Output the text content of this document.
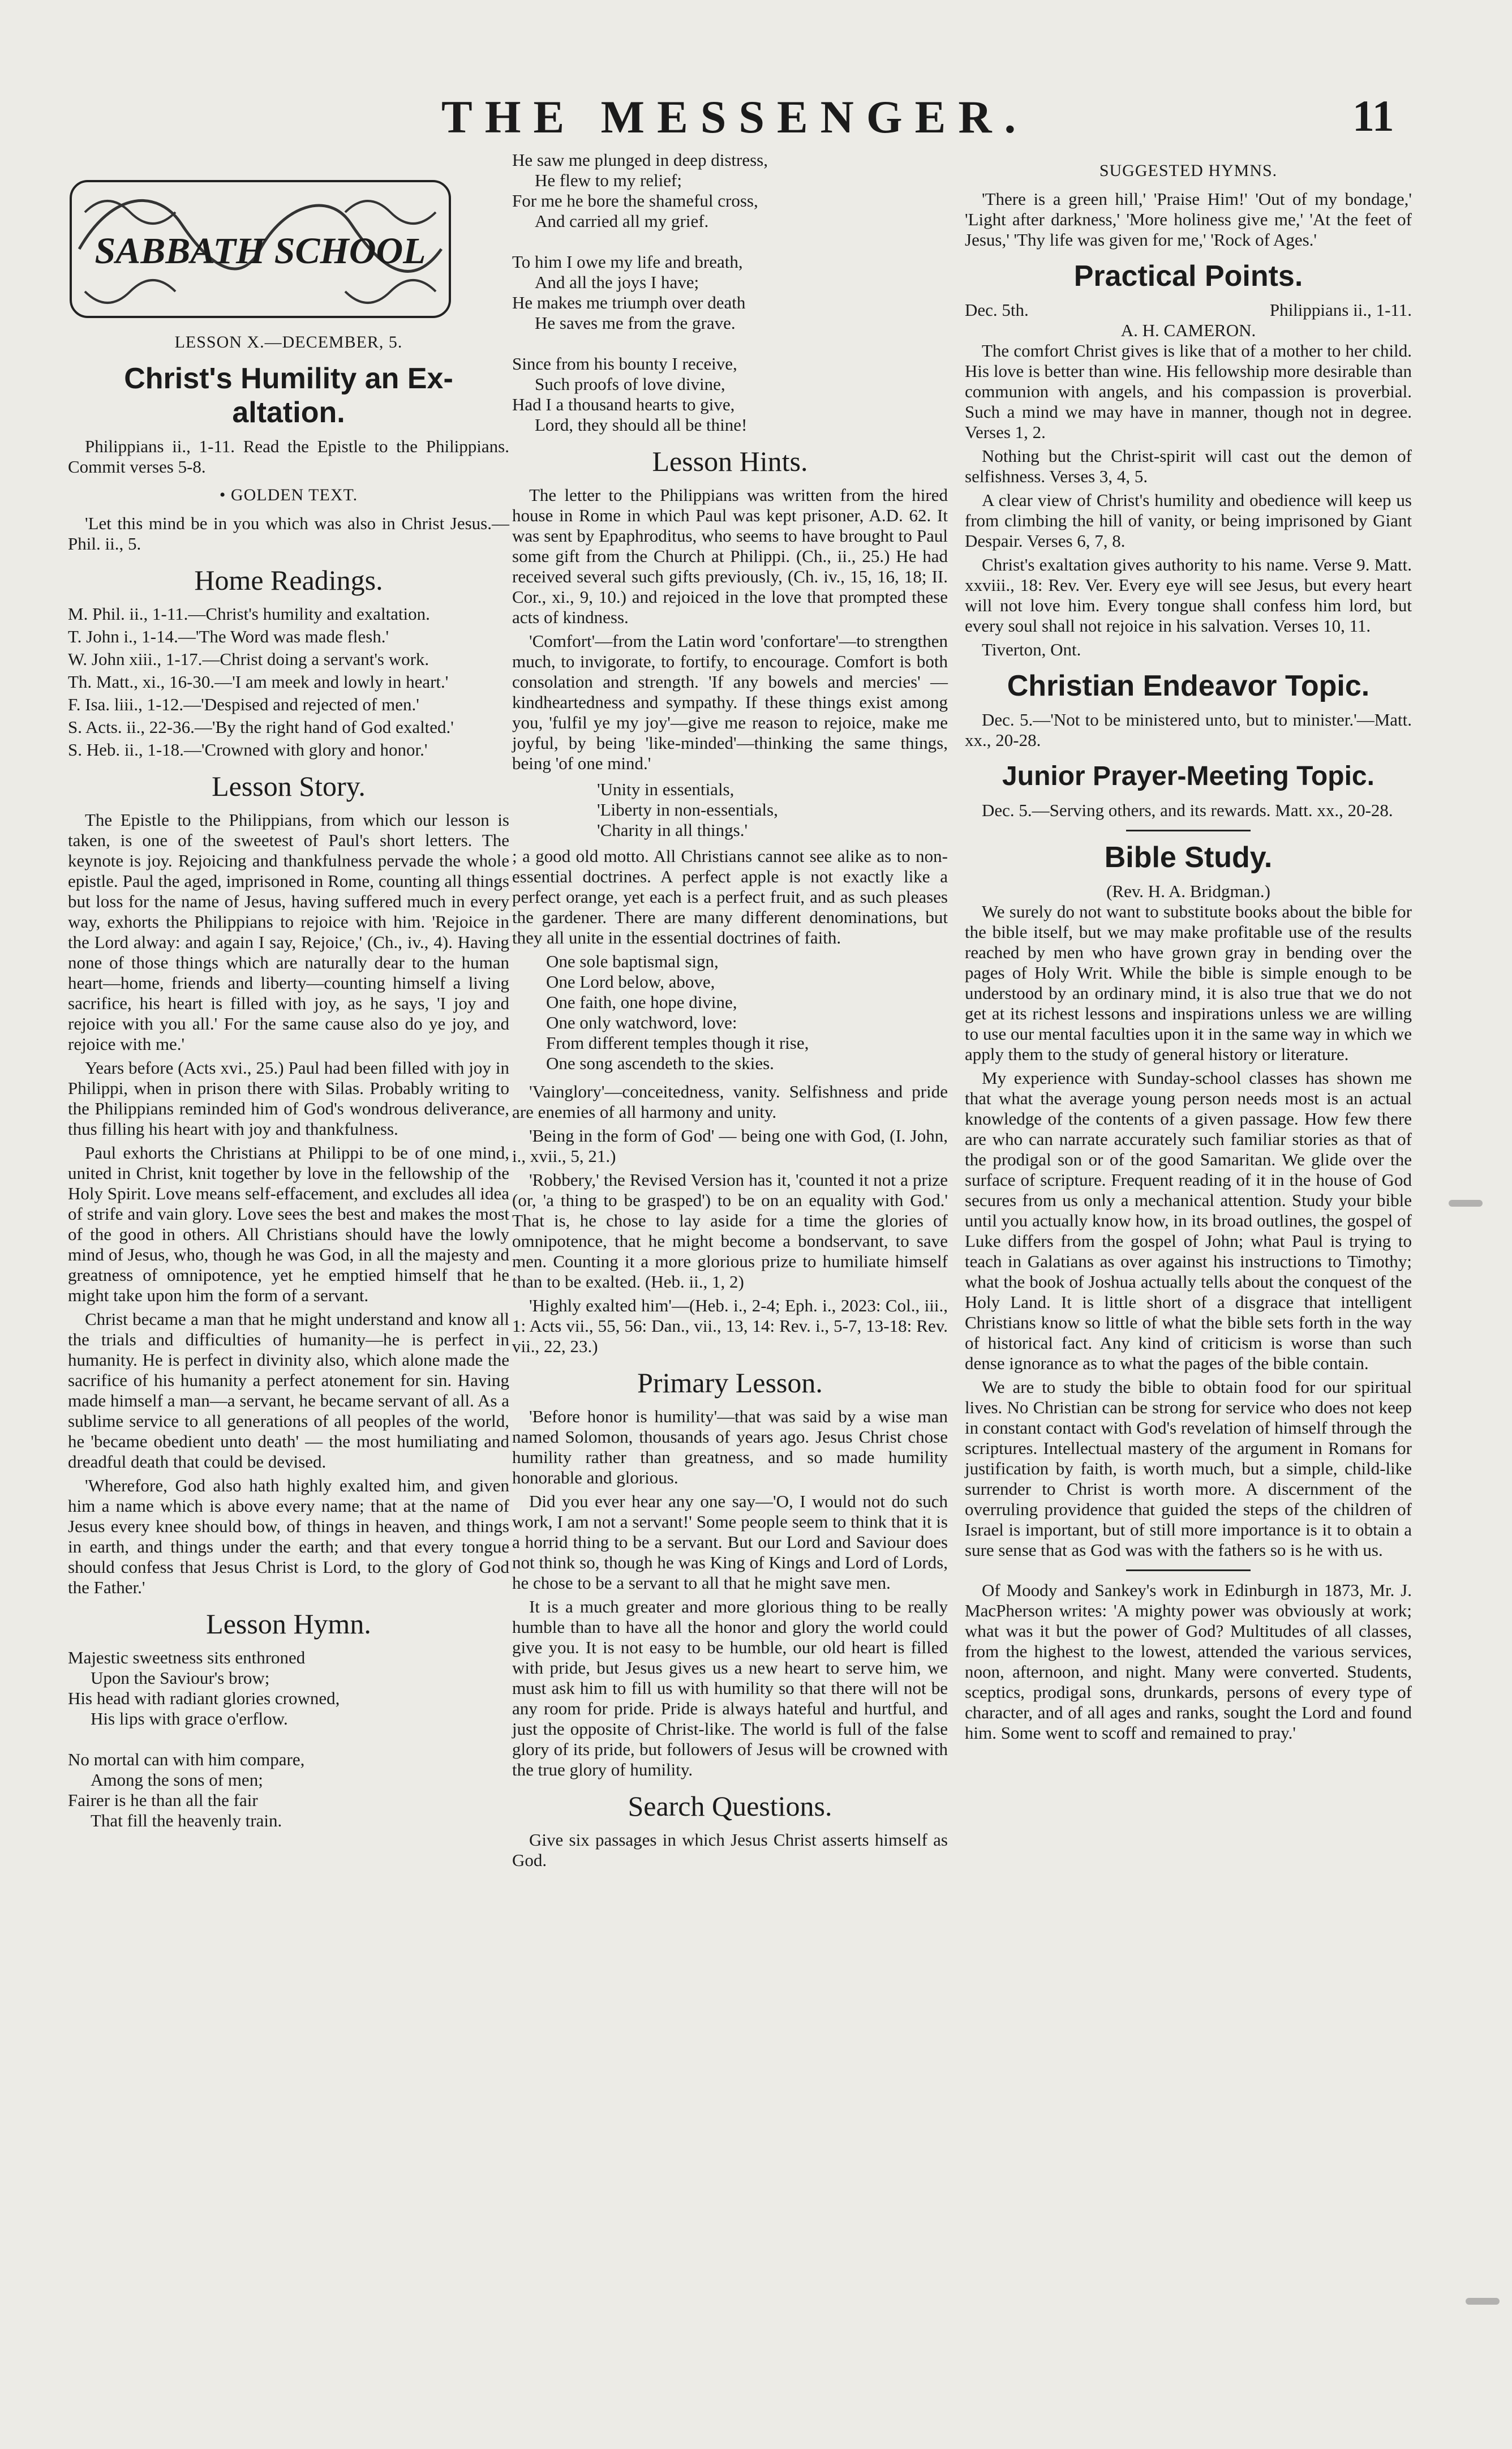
THE MESSENGER.	11
SABBATH SCHOOL
LESSON X.—DECEMBER, 5.
Christ's Humility an Ex-altation.

Philippians ii., 1-11. Read the Epistle to the Philippians. Commit verses 5-8.

• GOLDEN TEXT.

'Let this mind be in you which was also in Christ Jesus.—Phil. ii., 5.

Home Readings.
M. Phil. ii., 1-11.—Christ's humility and exaltation.
T. John i., 1-14.—'The Word was made flesh.'
W. John xiii., 1-17.—Christ doing a servant's work.
Th. Matt., xi., 16-30.—'I am meek and lowly in heart.'
F. Isa. liii., 1-12.—'Despised and rejected of men.'
S. Acts. ii., 22-36.—'By the right hand of God exalted.'
S. Heb. ii., 1-18.—'Crowned with glory and honor.'
Lesson Story.

The Epistle to the Philippians, from which our lesson is taken, is one of the sweetest of Paul's short letters. The keynote is joy. Rejoicing and thankfulness pervade the whole epistle. Paul the aged, imprisoned in Rome, counting all things but loss for the name of Jesus, having suffered much in every way, exhorts the Philippians to rejoice with him. 'Rejoice in the Lord alway: and again I say, Rejoice,' (Ch., iv., 4). Having none of those things which are naturally dear to the human heart—home, friends and liberty—counting himself a living sacrifice, his heart is filled with joy, as he says, 'I joy and rejoice with you all.' For the same cause also do ye joy, and rejoice with me.'

Years before (Acts xvi., 25.) Paul had been filled with joy in Philippi, when in prison there with Silas. Probably writing to the Philippians reminded him of God's wondrous deliverance, thus filling his heart with joy and thankfulness.

Paul exhorts the Christians at Philippi to be of one mind, united in Christ, knit together by love in the fellowship of the Holy Spirit. Love means self-effacement, and excludes all idea of strife and vain glory. Love sees the best and makes the most of the good in others. All Christians should have the lowly mind of Jesus, who, though he was God, in all the majesty and greatness of omnipotence, yet he emptied himself that he might take upon him the form of a servant.

Christ became a man that he might understand and know all the trials and difficulties of humanity—he is perfect in humanity. He is perfect in divinity also, which alone made the sacrifice of his humanity a perfect atonement for sin. Having made himself a man—a servant, he became servant of all. As a sublime service to all generations of all peoples of the world, he 'became obedient unto death' — the most humiliating and dreadful death that could be devised.

'Wherefore, God also hath highly exalted him, and given him a name which is above every name; that at the name of Jesus every knee should bow, of things in heaven, and things in earth, and things under the earth; and that every tongue should confess that Jesus Christ is Lord, to the glory of God the Father.'

Lesson Hymn.
Majestic sweetness sits enthroned
Upon the Saviour's brow;
His head with radiant glories crowned,
His lips with grace o'erflow.

No mortal can with him compare,
Among the sons of men;
Fairer is he than all the fair
That fill the heavenly train.
He saw me plunged in deep distress,
He flew to my relief;
For me he bore the shameful cross,
And carried all my grief.

To him I owe my life and breath,
And all the joys I have;
He makes me triumph over death
He saves me from the grave.

Since from his bounty I receive,
Such proofs of love divine,
Had I a thousand hearts to give,
Lord, they should all be thine!
Lesson Hints.

The letter to the Philippians was written from the hired house in Rome in which Paul was kept prisoner, A.D. 62. It was sent by Epaphroditus, who seems to have brought to Paul some gift from the Church at Philippi. (Ch., ii., 25.) He had received several such gifts previously, (Ch. iv., 15, 16, 18; II. Cor., xi., 9, 10.) and rejoiced in the love that prompted these acts of kindness.

'Comfort'—from the Latin word 'confortare'—to strengthen much, to invigorate, to fortify, to encourage. Comfort is both consolation and strength. 'If any bowels and mercies' — kindheartedness and sympathy. If these things exist among you, 'fulfil ye my joy'—give me reason to rejoice, make me joyful, by being 'like-minded'—thinking the same things, being 'of one mind.'

'Unity in essentials,
'Liberty in non-essentials,
'Charity in all things.'

; a good old motto. All Christians cannot see alike as to non-essential doctrines. A perfect apple is not exactly like a perfect orange, yet each is a perfect fruit, and as such pleases the gardener. There are many different denominations, but they all unite in the essential doctrines of faith.

One sole baptismal sign,
One Lord below, above,
One faith, one hope divine,
One only watchword, love:
From different temples though it rise,
One song ascendeth to the skies.

'Vainglory'—conceitedness, vanity. Selfishness and pride are enemies of all harmony and unity.

'Being in the form of God' — being one with God, (I. John, i., xvii., 5, 21.)

'Robbery,' the Revised Version has it, 'counted it not a prize (or, 'a thing to be grasped') to be on an equality with God.' That is, he chose to lay aside for a time the glories of omnipotence, that he might become a bondservant, to save men. Counting it a more glorious prize to humiliate himself than to be exalted. (Heb. ii., 1, 2)

'Highly exalted him'—(Heb. i., 2-4; Eph. i., 2023: Col., iii., 1: Acts vii., 55, 56: Dan., vii., 13, 14: Rev. i., 5-7, 13-18: Rev. vii., 22, 23.)

Primary Lesson.

'Before honor is humility'—that was said by a wise man named Solomon, thousands of years ago. Jesus Christ chose humility rather than greatness, and so made humility honorable and glorious.

Did you ever hear any one say—'O, I would not do such work, I am not a servant!' Some people seem to think that it is a horrid thing to be a servant. But our Lord and Saviour does not think so, though he was King of Kings and Lord of Lords, he chose to be a servant to all that he might save men.

It is a much greater and more glorious thing to be really humble than to have all the honor and glory the world could give you. It is not easy to be humble, our old heart is filled with pride, but Jesus gives us a new heart to serve him, we must ask him to fill us with humility so that there will not be any room for pride. Pride is always hateful and hurtful, and just the opposite of Christ-like. The world is full of the false glory of its pride, but followers of Jesus will be crowned with the true glory of humility.

Search Questions.

Give six passages in which Jesus Christ asserts himself as God.

SUGGESTED HYMNS.

'There is a green hill,' 'Praise Him!' 'Out of my bondage,' 'Light after darkness,' 'More holiness give me,' 'At the feet of Jesus,' 'Thy life was given for me,' 'Rock of Ages.'

Practical Points.
Dec. 5th.	Philippians ii., 1-11.
A. H. CAMERON.

The comfort Christ gives is like that of a mother to her child. His love is better than wine. His fellowship more desirable than communion with angels, and his compassion is proverbial. Such a mind we may have in manner, though not in degree. Verses 1, 2.

Nothing but the Christ-spirit will cast out the demon of selfishness. Verses 3, 4, 5.

A clear view of Christ's humility and obedience will keep us from climbing the hill of vanity, or being imprisoned by Giant Despair. Verses 6, 7, 8.

Christ's exaltation gives authority to his name. Verse 9. Matt. xxviii., 18: Rev. Ver. Every eye will see Jesus, but every heart will not love him. Every tongue shall confess him lord, but every soul shall not rejoice in his salvation. Verses 10, 11.

Tiverton, Ont.

Christian Endeavor Topic.

Dec. 5.—'Not to be ministered unto, but to minister.'—Matt. xx., 20-28.

Junior Prayer-Meeting Topic.

Dec. 5.—Serving others, and its rewards. Matt. xx., 20-28.

Bible Study.
(Rev. H. A. Bridgman.)

We surely do not want to substitute books about the bible for the bible itself, but we may make profitable use of the results reached by men who have grown gray in bending over the pages of Holy Writ. While the bible is simple enough to be understood by an ordinary mind, it is also true that we do not get at its richest lessons and inspirations unless we are willing to use our mental faculties upon it in the same way in which we apply them to the study of general history or literature.

My experience with Sunday-school classes has shown me that what the average young person needs most is an actual knowledge of the contents of a given passage. How few there are who can narrate accurately such familiar stories as that of the prodigal son or of the good Samaritan. We glide over the surface of scripture. Frequent reading of it in the house of God secures from us only a mechanical attention. Study your bible until you actually know how, in its broad outlines, the gospel of Luke differs from the gospel of John; what Paul is trying to teach in Galatians as over against his instructions to Timothy; what the book of Joshua actually tells about the conquest of the Holy Land. It is little short of a disgrace that intelligent Christians know so little of what the bible sets forth in the way of historical fact. Any kind of criticism is worse than such dense ignorance as to what the pages of the bible contain.

We are to study the bible to obtain food for our spiritual lives. No Christian can be strong for service who does not keep in constant contact with God's revelation of himself through the scriptures. Intellectual mastery of the argument in Romans for justification by faith, is worth much, but a simple, child-like surrender to Christ is worth more. A discernment of the overruling providence that guided the steps of the children of Israel is important, but of still more importance is it to obtain a sure sense that as God was with the fathers so is he with us.

Of Moody and Sankey's work in Edinburgh in 1873, Mr. J. MacPherson writes: 'A mighty power was obviously at work; what was it but the power of God? Multitudes of all classes, from the highest to the lowest, attended the various services, noon, afternoon, and night. Many were converted. Students, sceptics, prodigal sons, drunkards, persons of every type of character, and of all ages and ranks, sought the Lord and found him. Some went to scoff and remained to pray.'
